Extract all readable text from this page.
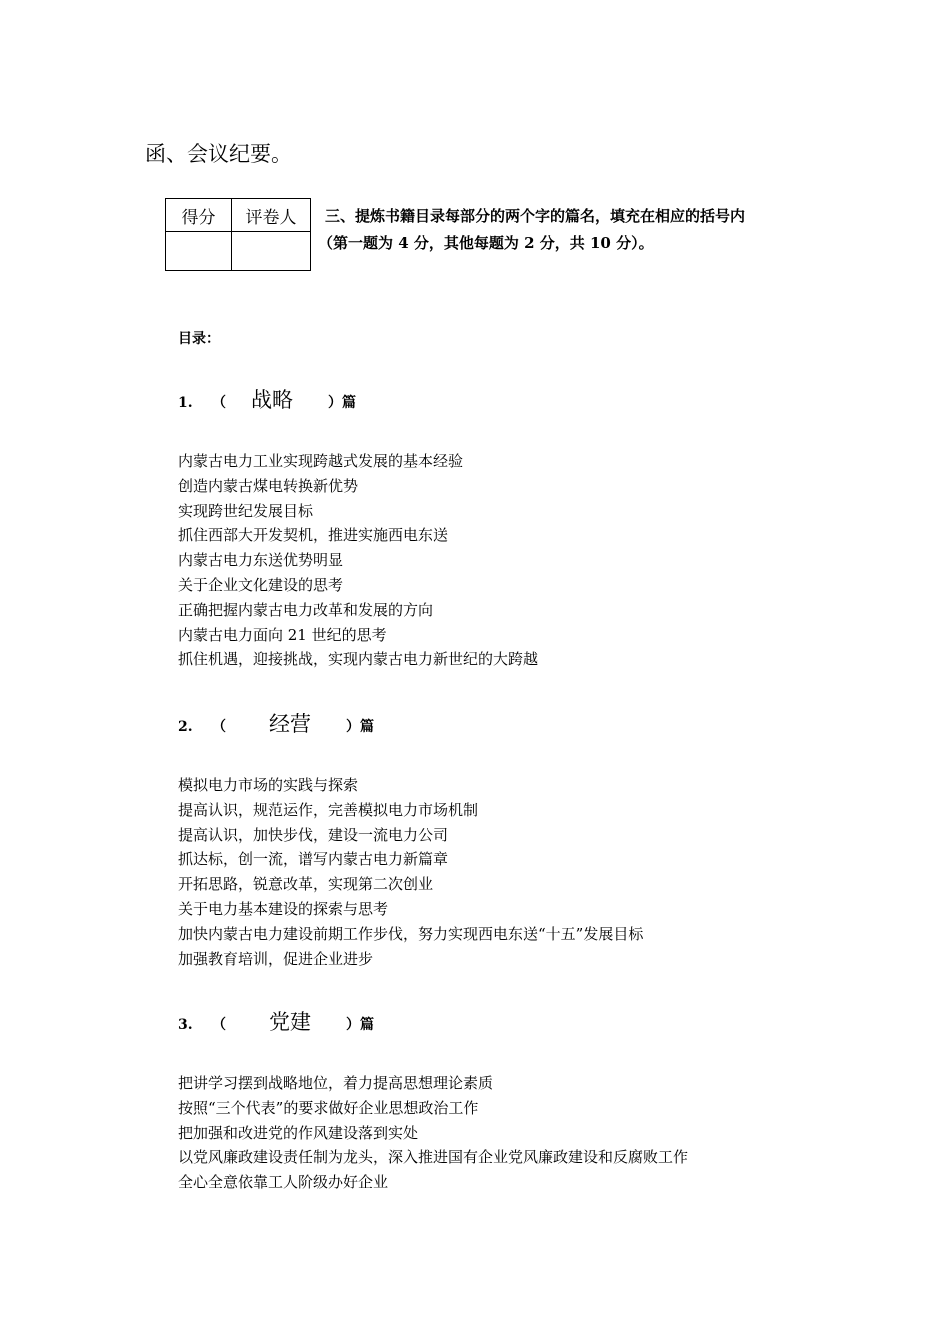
函、会议纪要。
得分	评卷人
	三、提炼书籍目录每部分的两个字的篇名，填充在相应的括号内
（第一题为 4 分，其他每题为 2 分，共 10 分）。
目录：
1. （ 战略	）篇
内蒙古电力工业实现跨越式发展的基本经验
创造内蒙古煤电转换新优势
实现跨世纪发展目标
抓住西部大开发契机，推进实施西电东送
内蒙古电力东送优势明显
关于企业文化建设的思考
正确把握内蒙古电力改革和发展的方向
内蒙古电力面向 21 世纪的思考
抓住机遇，迎接挑战，实现内蒙古电力新世纪的大跨越
2. （ 经营	）篇
模拟电力市场的实践与探索
提高认识，规范运作，完善模拟电力市场机制
提高认识，加快步伐，建设一流电力公司
抓达标，创一流，谱写内蒙古电力新篇章
开拓思路，锐意改革，实现第二次创业
关于电力基本建设的探索与思考
加快内蒙古电力建设前期工作步伐，努力实现西电东送“十五”发展目标
加强教育培训，促进企业进步
3. （ 党建	）篇
把讲学习摆到战略地位，着力提高思想理论素质
按照“三个代表”的要求做好企业思想政治工作
把加强和改进党的作风建设落到实处
以党风廉政建设责任制为龙头，深入推进国有企业党风廉政建设和反腐败工作
全心全意依靠工人阶级办好企业
